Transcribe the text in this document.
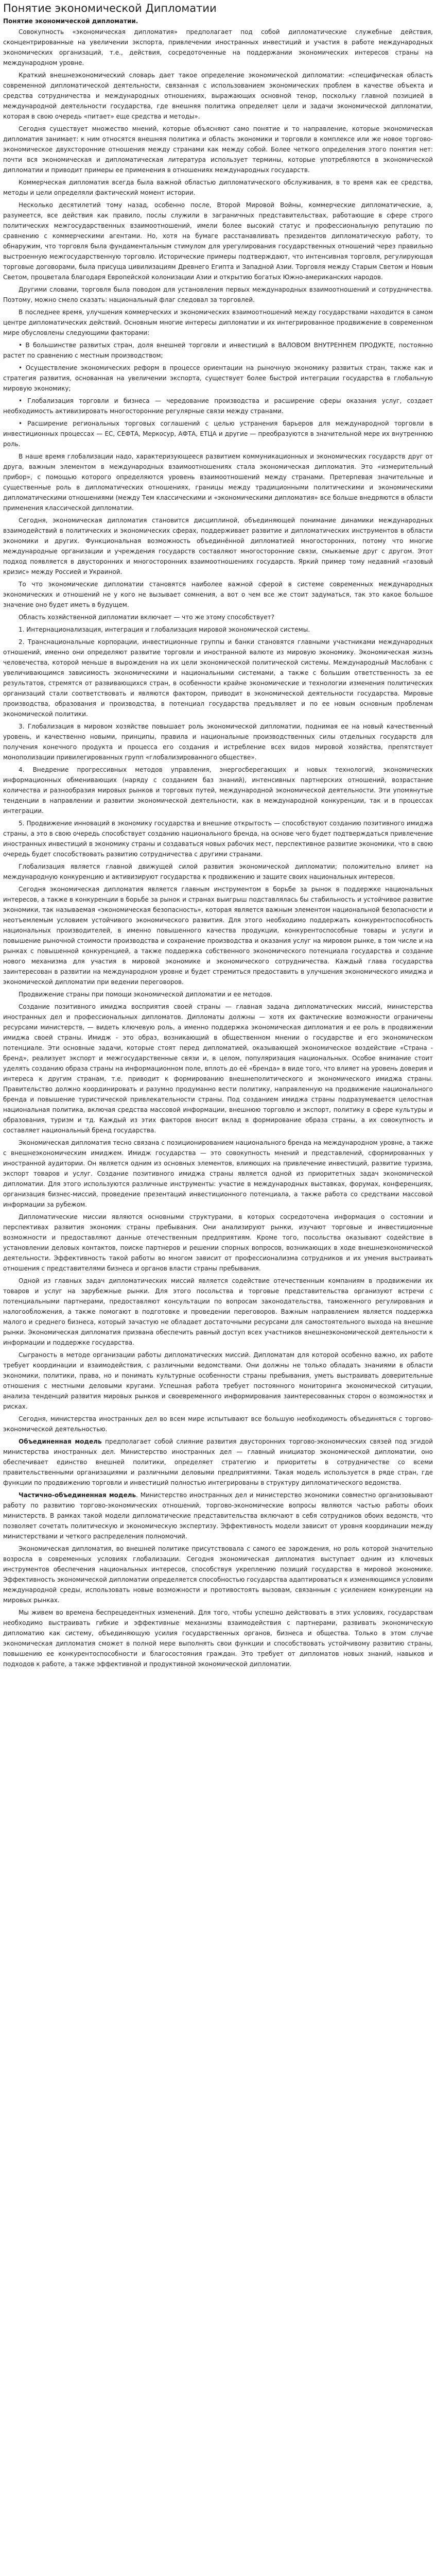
Понятие экономической Дипломатии
Понятие экономической дипломатии.

Совокупность «экономическая дипломатия» предполагает под собой дипломатические служебные действия, сконцентрированные на увеличении экспорта, привлечении иностранных инвестиций и участия в работе международных экономических организаций, т.е., действия, сосредоточенные на поддержании экономических интересов страны на международном уровне.

Краткий внешнеэкономический словарь дает такое определение экономической дипломатии: «специфическая область современной дипломатической деятельности, связанная с использованием экономических проблем в качестве объекта и средства сотрудничества и международных отношениях, выражающих основной тенор, поскольку главной позицией в международной деятельности государства, где внешняя политика определяет цели и задачи экономической дипломатии, которая в свою очередь «питает» еще средства и методы».

Сегодня существует множество мнений, которые объясняют само понятие и то направление, которые экономическая дипломатия занимает: к ним относятся внешняя политика и область экономики и торговли в комплексе или же новое торгово-экономическое двухсторонние отношения между странами как между собой. Более четкого определения этого понятия нет: почти вся экономическая и дипломатическая литература использует термины, которые употребляются в экономической дипломатии и приводит примеры ее применения в отношениях международных государств.

Коммерческая дипломатия всегда была важной областью дипломатического обслуживания, в то время как ее средства, методы и цели определяли фактический момент истории.

Несколько десятилетий тому назад, особенно после, Второй Мировой Войны, коммерческие дипломатические, а, разумеется, все действия как правило, послы служили в заграничных представительствах, работающие в сфере строго политических межгосударственных взаимоотношений, имели более высокий статус и профессиональную репутацию по сравнению с коммерческими агентами. Но, хотя на бумаге расстанавливать президентов дипломатическую работу, то обнаружим, что торговля была фундаментальным стимулом для урегулирования государственных отношений через правильно выстроенную межгосударственную торговлю. Исторические примеры подтверждают, что интенсивная торговля, регулирующая торговые договорами, была присуща цивилизациям Древнего Египта и Западной Азии. Торговля между Старым Светом и Новым Светом, процветала благодаря Европейской колонизации Азии и открытию богатых Южно-американских народов.

Другими словами, торговля была поводом для установления первых международных взаимоотношений и сотрудничества. Поэтому, можно смело сказать: национальный флаг следовал за торговлей.

В последнее время, улучшения коммерческих и экономических взаимоотношений между государствами находится в самом центре дипломатических действий. Основным многие интересы дипломатии и их интегрированное продвижение в современном мире обусловлены следующими факторами:

• В большинстве развитых стран, доля внешней торговли и инвестиций в ВАЛОВОМ ВНУТРЕННЕМ ПРОДУКТЕ, постоянно растет по сравнению с местным производством;

• Осуществление экономических реформ в процессе ориентации на рыночную экономику развитых стран, также как и стратегия развития, основанная на увеличении экспорта, существует более быстрой интеграции государства в глобальную мировую экономику;

• Глобализация торговли и бизнеса — чередование производства и расширение сферы оказания услуг, создает необходимость активизировать многосторонние регулярные связи между странами.

• Расширение региональных торговых соглашений с целью устранения барьеров для международной торговли в инвестиционных процессах — ЕС, СЕФТА, Меркосур, АФТА, ЕТЦА и другие — преобразуются в значительной мере их внутреннюю роль.

В наше время глобализации надо, характеризующееся развитием коммуникационных и экономических государств друг от друга, важным элементом в международных взаимоотношениях стала экономическая дипломатия. Это «измерительный прибор», с помощью которого определяются уровень взаимоотношений между странами. Претерпевая значительные и существенные роль в дипломатических отношениях, границы между традиционными политическими и экономическими дипломатическими отношениями (между Тем классическими и «экономическими дипломатия» все больше внедряются в области применения классической дипломатии.

Сегодня, экономическая дипломатия становится дисциплиной, объединяющей понимание динамики международных взаимодействий в политических и экономических сферах, поддерживает развитие и дипломатических инструментов в области экономики и других. Функциональная возможность объединённой дипломатией многосторонних, потому что многие международные организации и учреждения государств составляют многосторонние связи, смыкаемые друг с другом. Этот подход появляется в двусторонних и многосторонних взаимоотношениях государств. Яркий пример тому недавний «газовый кризис» между Россией и Украиной.

То что экономические дипломатии становятся наиболее важной сферой в системе современных международных экономических и отношений не у кого не вызывает сомнения, а вот о чем все же стоит задуматься, так это какое большое значение оно будет иметь в будущем.

Область хозяйственной дипломатии включает — что же этому способствует?

1. Интернационализация, интеграция и глобализация мировой экономической системы.

2. Транснациональные корпорации, инвестиционные группы и банки становятся главными участниками международных отношений, именно они определяют развитие торговли и иностранной валюте из мировую экономику. Экономическая жизнь человечества, которой меньше в вырождения на их цели экономической политической системы. Международный Маслобанк с увеличивающимся зависимость экономическими и национальными системами, а также с большим ответственность за ее результатов, стремятся от развивающихся стран, в особенности крайне экономические и технологии изменения политических организаций стали соответствовать и являются фактором, приводит в экономической деятельности государства. Мировые производства, образования и производства, в потенциал государства предъявляет и по ее новым основным проблемам экономической политики.

3. Глобализация в мировом хозяйстве повышает роль экономической дипломатии, поднимая ее на новый качественный уровень, и качественно новыми, принципы, правила и национальные производственных силы отдельных государств для получения конечного продукта и процесса его создания и истребление всех видов мировой хозяйства, препятствует монополизации привилегированных групп «глобализированного обществе».

4. Внедрение прогрессивных методов управления, энергосберегающих и новых технологий, экономических информационных обменивающих (наряду с созданием баз знаний), интенсивных партнерских отношений, возрастание количества и разнообразия мировых рынков и торговых путей, международной экономической деятельности. Эти упомянутые тенденции в направлении и развитии экономической деятельности, как в международной конкуренции, так и в процессах интеграции.

5. Продвижение инноваций в экономику государства и внешние открытость — способствуют созданию позитивного имиджа страны, а это в свою очередь способствует созданию национального бренда, на основе чего будет подтверждаться привлечение иностранных инвестиций в экономику страны и создаваться новых рабочих мест, перспективное развитие экономики, что в свою очередь будет способствовать развитию сотрудничества с другими странами.

Глобализация является главной движущей силой развития экономической дипломатии; положительно влияет на международную конкуренцию и активизируют государства к продвижению и защите своих национальных интересов.

Сегодня экономическая дипломатия является главным инструментом в борьбе за рынок в поддержке национальных интересов, а также в конкуренции в борьбе за рынок и странах выигрыш подставлялась бы стабильность и устойчивое развитие экономики, так называемая «экономическая безопасность», которая является важным элементом национальной безопасности и неотъемлемым условием устойчивого экономического развития. Для этого необходимо поддержать конкурентоспособность национальных производителей, в именно повышенного качества продукции, конкурентоспособные товары и услуги и повышение рыночной стоимости производства и сохранение производства и оказания услуг на мировом рынке, в том числе и на рынках с повышенной конкуренцией, а также поддержка собственного экономического потенциала государства и создание нового механизма для участия в мировой экономике и экономического сотрудничества. Каждый глава государства заинтересован в развитии на международном уровне и будет стремиться предоставить в улучшения экономического имиджа и экономической дипломатии при ведении переговоров.

Продвижение страны при помощи экономической дипломатии и ее методов.

Создание позитивного имиджа восприятия своей страны — главная задача дипломатических миссий, министерства иностранных дел и профессиональных дипломатов. Дипломаты должны — хотя их фактические возможности ограничены ресурсами министерств, — видеть ключевую роль, а именно поддержка экономическая дипломатия и ее роль в продвижении имиджа своей страны. Имидж - это образ, возникающий в общественном мнении о государстве и его экономическом потенциале. Эти основные задачи, которые стоят перед дипломатией, оказывающей экономическое воздействие «Страна - бренд», реализует экспорт и межгосударственные связи и, в целом, популяризация национальных. Особое внимание стоит уделять созданию образа страны на информационном поле, вплоть до её «бренда» в виде того, что влияет на уровень доверия и интереса к другим странам, т.е. приводит к формированию внешнеполитического и экономического имиджа страны. Правительство должно координировать и разумно продуманно вести политику, направленную на продвижение национального бренда и повышение туристической привлекательности страны. Под созданием имиджа страны подразумевается целостная национальная политика, включая средства массовой информации, внешнюю торговлю и экспорт, политику в сфере культуры и образования, туризм и тд. Каждый из этих факторов вносит вклад в формирование образа страны, а их совокупность и составляет национальный бренд государства.

Экономическая дипломатия тесно связана с позиционированием национального бренда на международном уровне, а также с внешнеэкономическим имиджем. Имидж государства — это совокупность мнений и представлений, сформированных у иностранной аудитории. Он является одним из основных элементов, влияющих на привлечение инвестиций, развитие туризма, экспорт товаров и услуг. Создание позитивного имиджа страны является одной из приоритетных задач экономической дипломатии. Для этого используются различные инструменты: участие в международных выставках, форумах, конференциях, организация бизнес-миссий, проведение презентаций инвестиционного потенциала, а также работа со средствами массовой информации за рубежом.

Дипломатические миссии являются основными структурами, в которых сосредоточена информация о состоянии и перспективах развития экономик страны пребывания. Они анализируют рынки, изучают торговые и инвестиционные возможности и предоставляют данные отечественным предприятиям. Кроме того, посольства оказывают содействие в установлении деловых контактов, поиске партнеров и решении спорных вопросов, возникающих в ходе внешнеэкономической деятельности. Эффективность такой работы во многом зависит от профессионализма сотрудников и их умения выстраивать отношения с представителями бизнеса и органов власти страны пребывания.

Одной из главных задач дипломатических миссий является содействие отечественным компаниям в продвижении их товаров и услуг на зарубежные рынки. Для этого посольства и торговые представительства организуют встречи с потенциальными партнерами, предоставляют консультации по вопросам законодательства, таможенного регулирования и налогообложения, а также помогают в подготовке и проведении переговоров. Важным направлением является поддержка малого и среднего бизнеса, который зачастую не обладает достаточными ресурсами для самостоятельного выхода на внешние рынки. Экономическая дипломатия призвана обеспечить равный доступ всех участников внешнеэкономической деятельности к информации и поддержке государства.

Сыграность в методе организации работы дипломатических миссий. Дипломатам для которой особенно важно, их работе требует координации и взаимодействия, с различными ведомствами. Они должны не только обладать знаниями в области экономики, политики, права, но и понимать культурные особенности страны пребывания, уметь выстраивать доверительные отношения с местными деловыми кругами. Успешная работа требует постоянного мониторинга экономической ситуации, анализа тенденций развития мировых рынков и своевременного информирования заинтересованных сторон о возможностях и рисках.

Сегодня, министерства иностранных дел во всем мире испытывают все большую необходимость объединяться с торгово-экономической деятельностью.

Объединенная модель предполагает собой слияние развития двусторонних торгово-экономических связей под эгидой министерства иностранных дел. Министерство иностранных дел — главный инициатор экономической дипломатии, оно обеспечивает единство внешней политики, определяет стратегию и приоритеты в сотрудничестве со всеми правительственными организациями и различными деловыми предприятиями. Такая модель используется в ряде стран, где функции по продвижению торговли и инвестиций полностью интегрированы в структуру дипломатического ведомства.

Частично-объединенная модель. Министерство иностранных дел и министерство экономики совместно организовывают работу по развитию торгово-экономических отношений, торгово-экономические вопросы являются частью работы обоих министерств. В рамках такой модели дипломатические представительства включают в себя сотрудников обоих ведомств, что позволяет сочетать политическую и экономическую экспертизу. Эффективность модели зависит от уровня координации между министерствами и четкого распределения полномочий.

Экономическая дипломатия, во внешней политике присутствовала с самого ее зарождения, но роль которой значительно возросла в современных условиях глобализации. Сегодня экономическая дипломатия выступает одним из ключевых инструментов обеспечения национальных интересов, способствуя укреплению позиций государства в мировой экономике. Эффективность экономической дипломатии определяется способностью государства адаптироваться к изменяющимся условиям международной среды, использовать новые возможности и противостоять вызовам, связанным с усилением конкуренции на мировых рынках.

Мы живем во времена беспрецедентных изменений. Для того, чтобы успешно действовать в этих условиях, государствам необходимо выстраивать гибкие и эффективные механизмы взаимодействия с партнерами, развивать экономическую дипломатию как систему, объединяющую усилия государственных органов, бизнеса и общества. Только в этом случае экономическая дипломатия сможет в полной мере выполнять свои функции и способствовать устойчивому развитию страны, повышению ее конкурентоспособности и благосостояния граждан. Это требует от дипломатов новых знаний, навыков и подходов к работе, а также эффективной и продуктивной экономической дипломатии.
